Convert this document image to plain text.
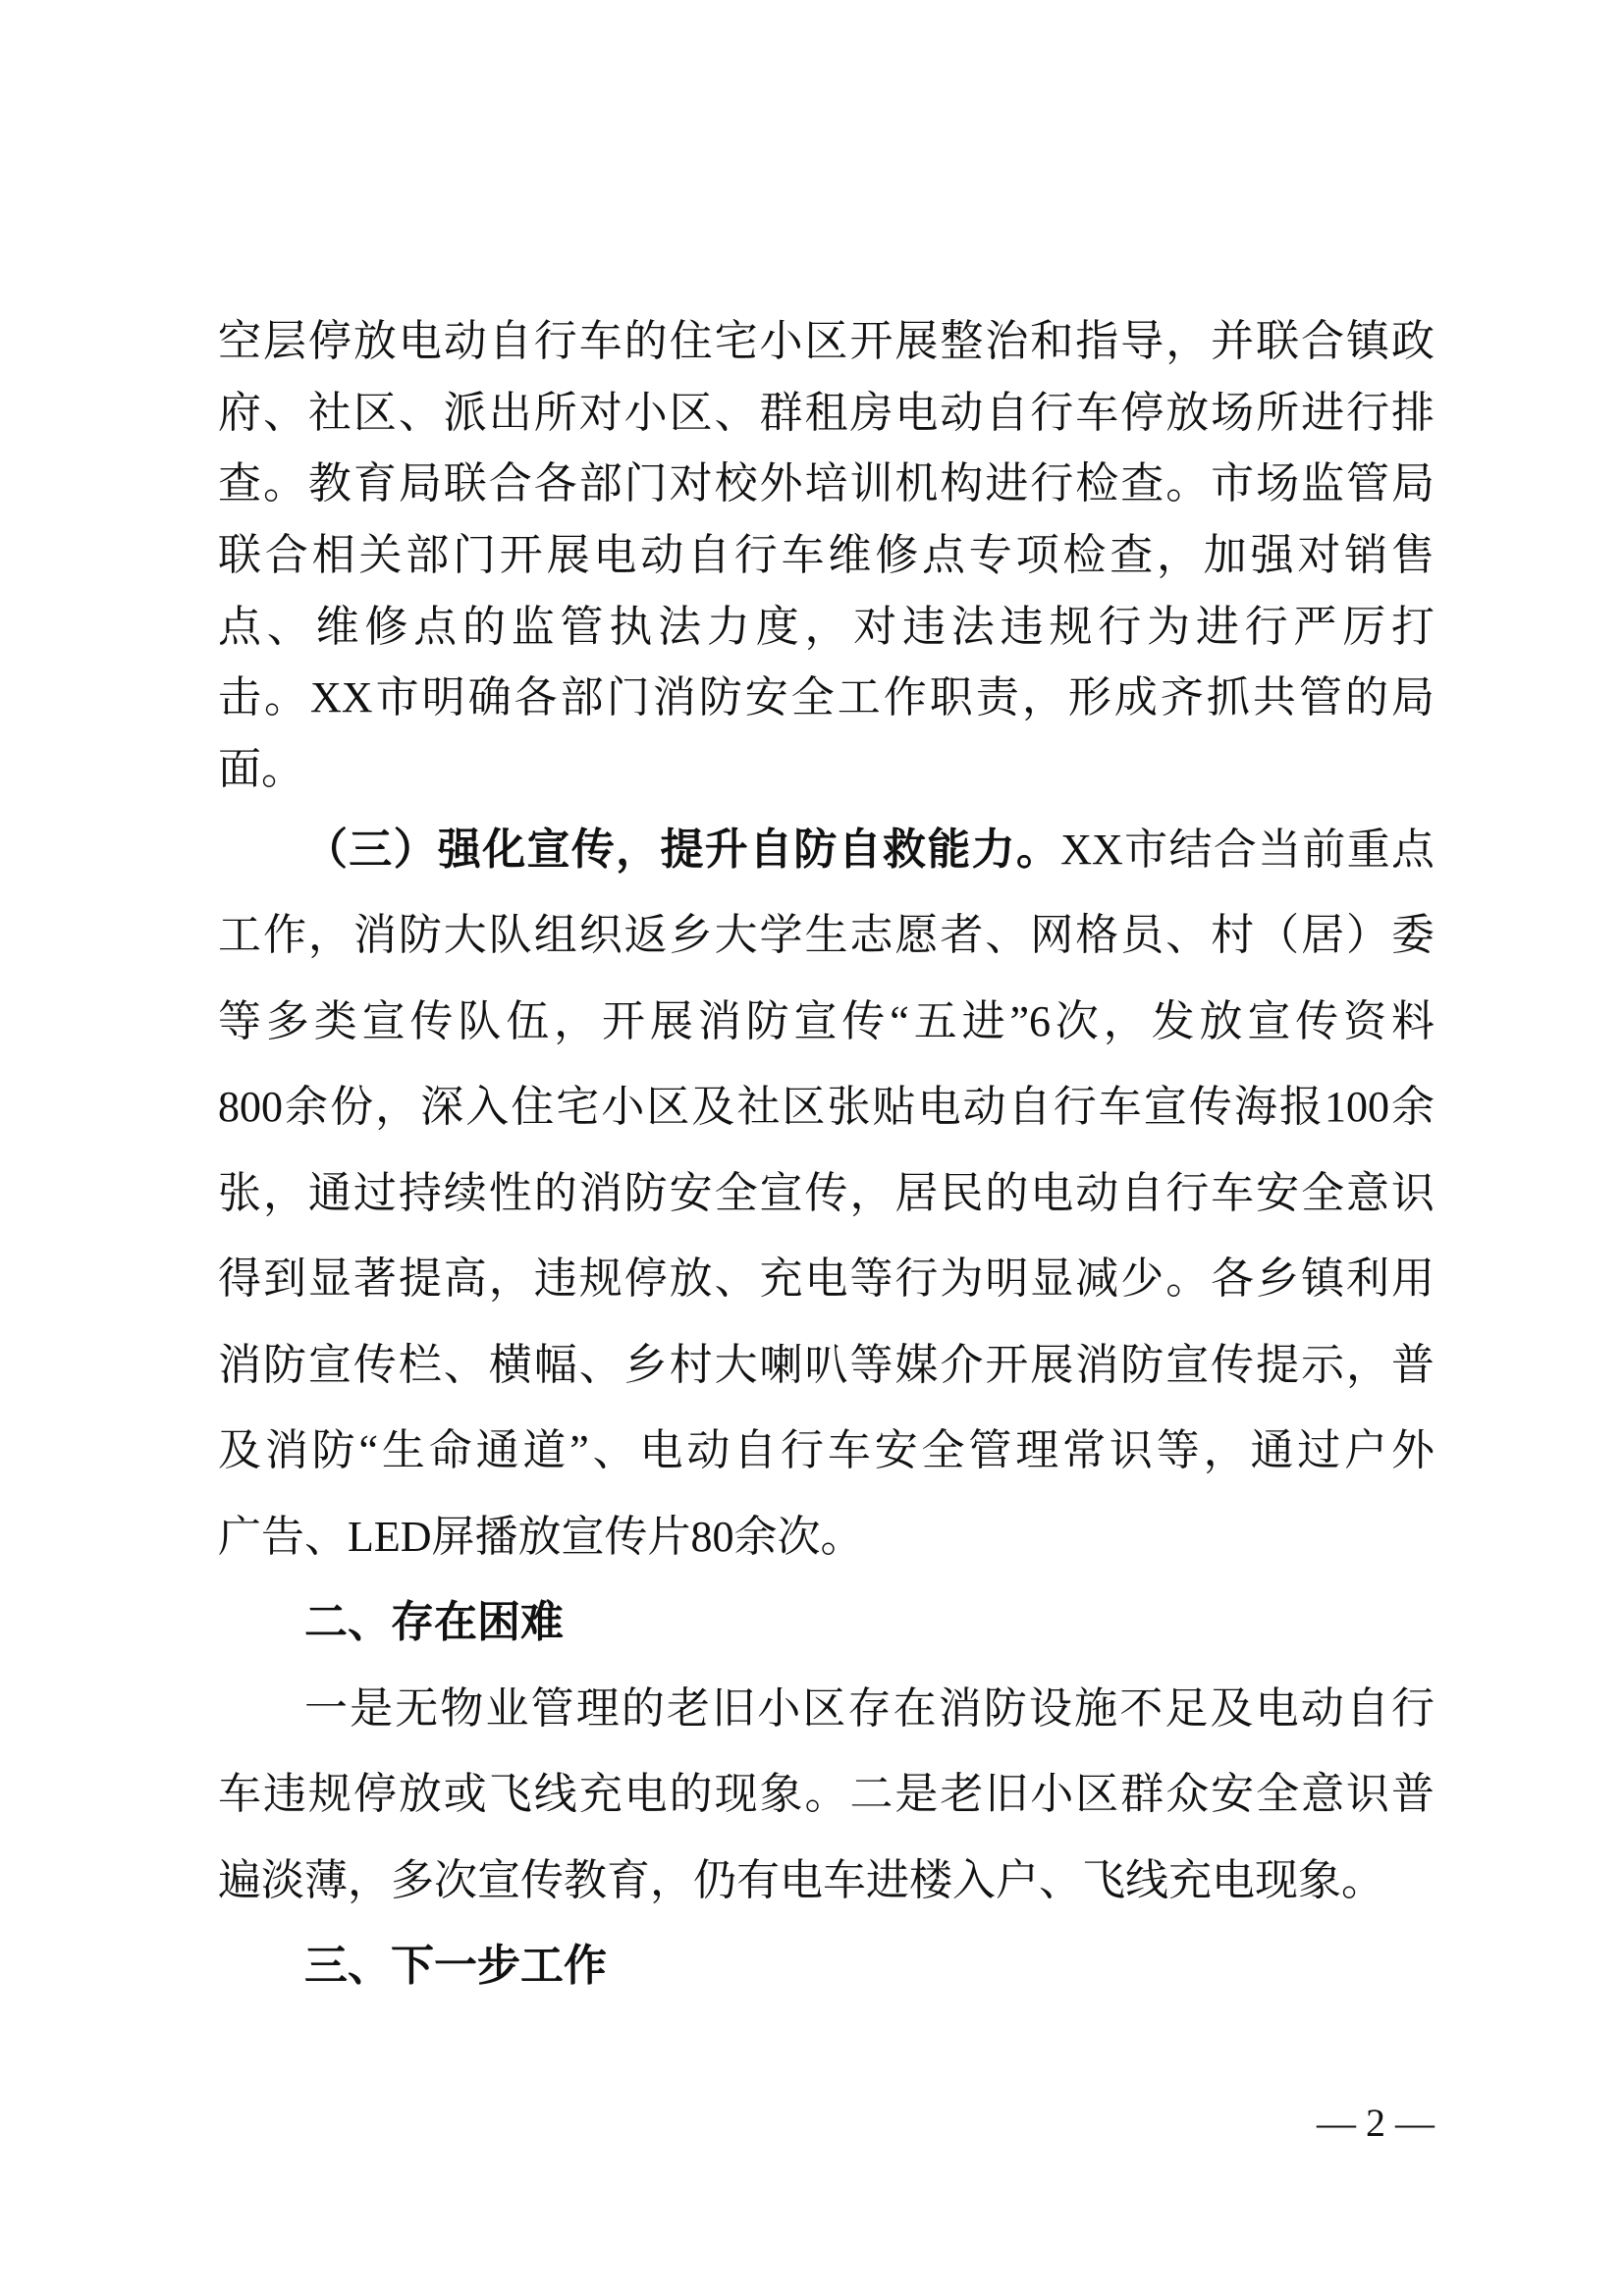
空层停放电动自行车的住宅小区开展整治和指导，并联合镇政
府、社区、派出所对小区、群租房电动自行车停放场所进行排
查。教育局联合各部门对校外培训机构进行检查。市场监管局
联合相关部门开展电动自行车维修点专项检查，加强对销售
点、维修点的监管执法力度，对违法违规行为进行严厉打
击。XX市明确各部门消防安全工作职责，形成齐抓共管的局
面。
（三）强化宣传，提升自防自救能力。XX市结合当前重点
工作，消防大队组织返乡大学生志愿者、网格员、村（居）委
等多类宣传队伍，开展消防宣传“五进”6次，发放宣传资料
800余份，深入住宅小区及社区张贴电动自行车宣传海报100余
张，通过持续性的消防安全宣传，居民的电动自行车安全意识
得到显著提高，违规停放、充电等行为明显减少。各乡镇利用
消防宣传栏、横幅、乡村大喇叭等媒介开展消防宣传提示，普
及消防“生命通道”、电动自行车安全管理常识等，通过户外
广告、LED屏播放宣传片80余次。
二、存在困难
一是无物业管理的老旧小区存在消防设施不足及电动自行
车违规停放或飞线充电的现象。二是老旧小区群众安全意识普
遍淡薄，多次宣传教育，仍有电车进楼入户、飞线充电现象。
三、下一步工作
— 2 —
